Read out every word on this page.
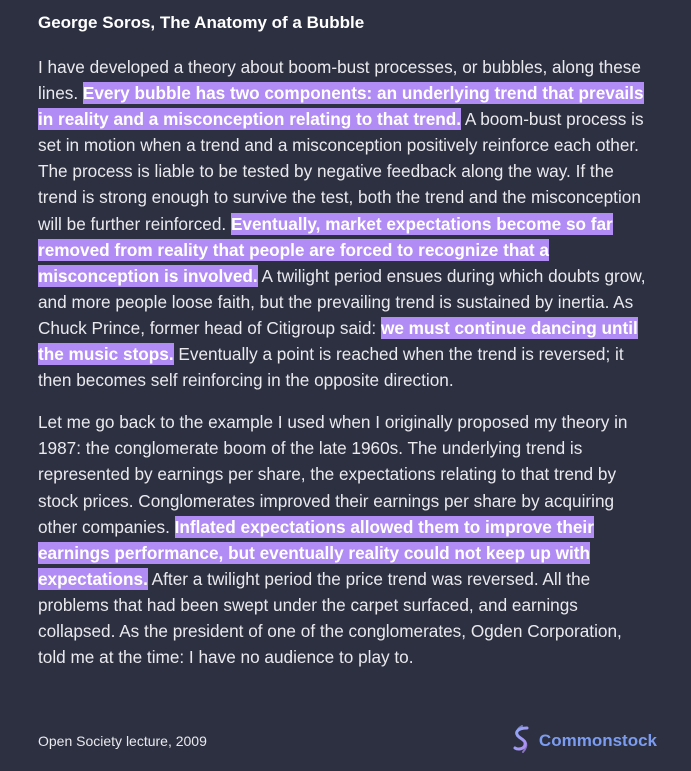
George Soros, The Anatomy of a Bubble

I have developed a theory about boom-bust processes, or bubbles, along these lines. Every bubble has two components: an underlying trend that prevails in reality and a misconception relating to that trend. A boom-bust process is set in motion when a trend and a misconception positively reinforce each other. The process is liable to be tested by negative feedback along the way. If the trend is strong enough to survive the test, both the trend and the misconception will be further reinforced. Eventually, market expectations become so far removed from reality that people are forced to recognize that a misconception is involved. A twilight period ensues during which doubts grow, and more people loose faith, but the prevailing trend is sustained by inertia. As Chuck Prince, former head of Citigroup said: we must continue dancing until the music stops. Eventually a point is reached when the trend is reversed; it then becomes self reinforcing in the opposite direction.

Let me go back to the example I used when I originally proposed my theory in 1987: the conglomerate boom of the late 1960s. The underlying trend is represented by earnings per share, the expectations relating to that trend by stock prices. Conglomerates improved their earnings per share by acquiring other companies. Inflated expectations allowed them to improve their earnings performance, but eventually reality could not keep up with expectations. After a twilight period the price trend was reversed. All the problems that had been swept under the carpet surfaced, and earnings collapsed. As the president of one of the conglomerates, Ogden Corporation, told me at the time: I have no audience to play to.

Open Society lecture, 2009	Commonstock
